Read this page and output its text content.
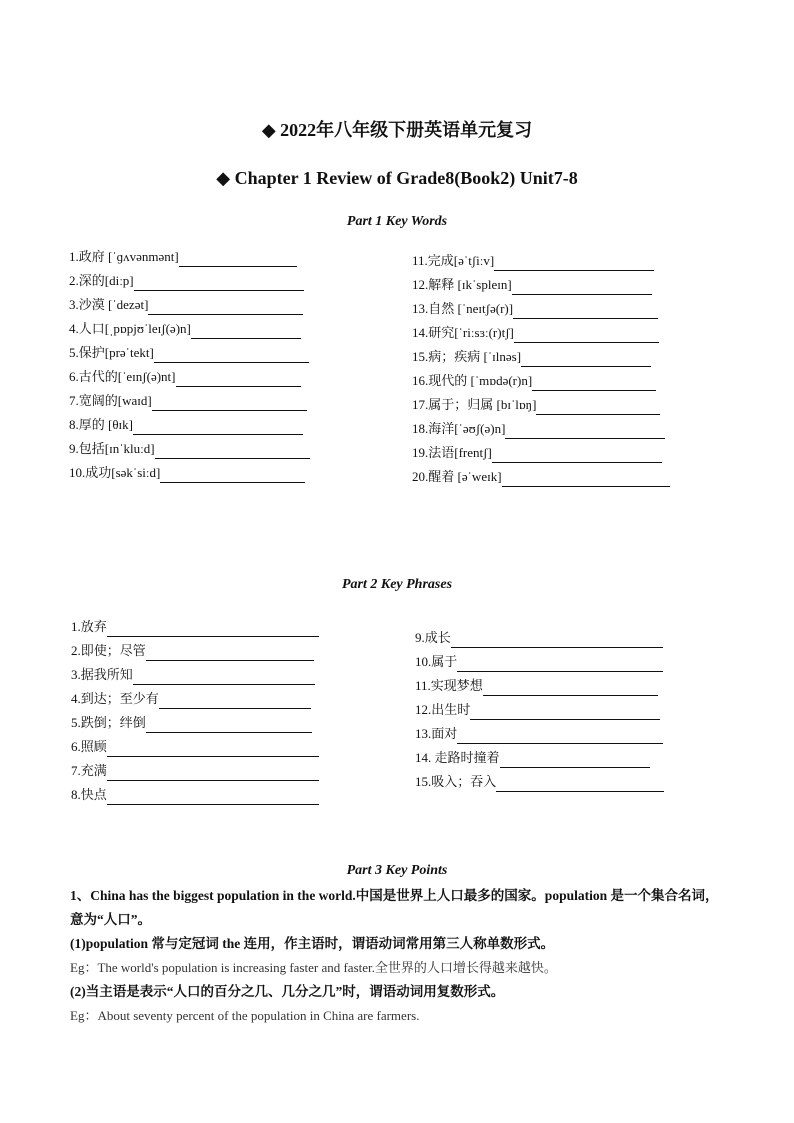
◆ 2022年八年级下册英语单元复习
◆ Chapter 1 Review of Grade8(Book2) Unit7-8
Part 1 Key Words
1.政府 [ˈɡʌvənmənt]
2.深的[diːp]
3.沙漠 [ˈdezət]
4.人口[ˌpɒpjʊˈleɪʃ(ə)n]
5.保护[prəˈtekt]
6.古代的[ˈeɪnʃ(ə)nt]
7.宽阔的[waɪd]
8.厚的 [θɪk]
9.包括[ɪnˈkluːd]
10.成功[səkˈsiːd]
11.完成[əˈtʃiːv]
12.解释 [ɪkˈspleɪn]
13.自然 [ˈneɪtʃə(r)]
14.研究[ˈriːsɜː(r)tʃ]
15.病；疾病 [ˈɪlnəs]
16.现代的 [ˈmɒdə(r)n]
17.属于；归属 [bɪˈlɒŋ]
18.海洋[ˈəʊʃ(ə)n]
19.法语[frentʃ]
20.醒着 [əˈweɪk]
Part 2 Key Phrases
1.放弃
2.即使；尽管
3.据我所知
4.到达；至少有
5.跌倒；绊倒
6.照顾
7.充满
8.快点
9.成长
10.属于
11.实现梦想
12.出生时
13.面对
14. 走路时撞着
15.吸入；吞入
Part 3 Key Points
1、China has the biggest population in the world.中国是世界上人口最多的国家。population 是一个集合名词，意为“人口”。
(1)population 常与定冠词 the 连用，作主语时，谓语动词常用第三人称单数形式。
Eg：The world's population is increasing faster and faster.全世界的人口增长得越来越快。
(2)当主语是表示“人口的百分之几、几分之几”时，谓语动词用复数形式。
Eg：About seventy percent of the population in China are farmers.
